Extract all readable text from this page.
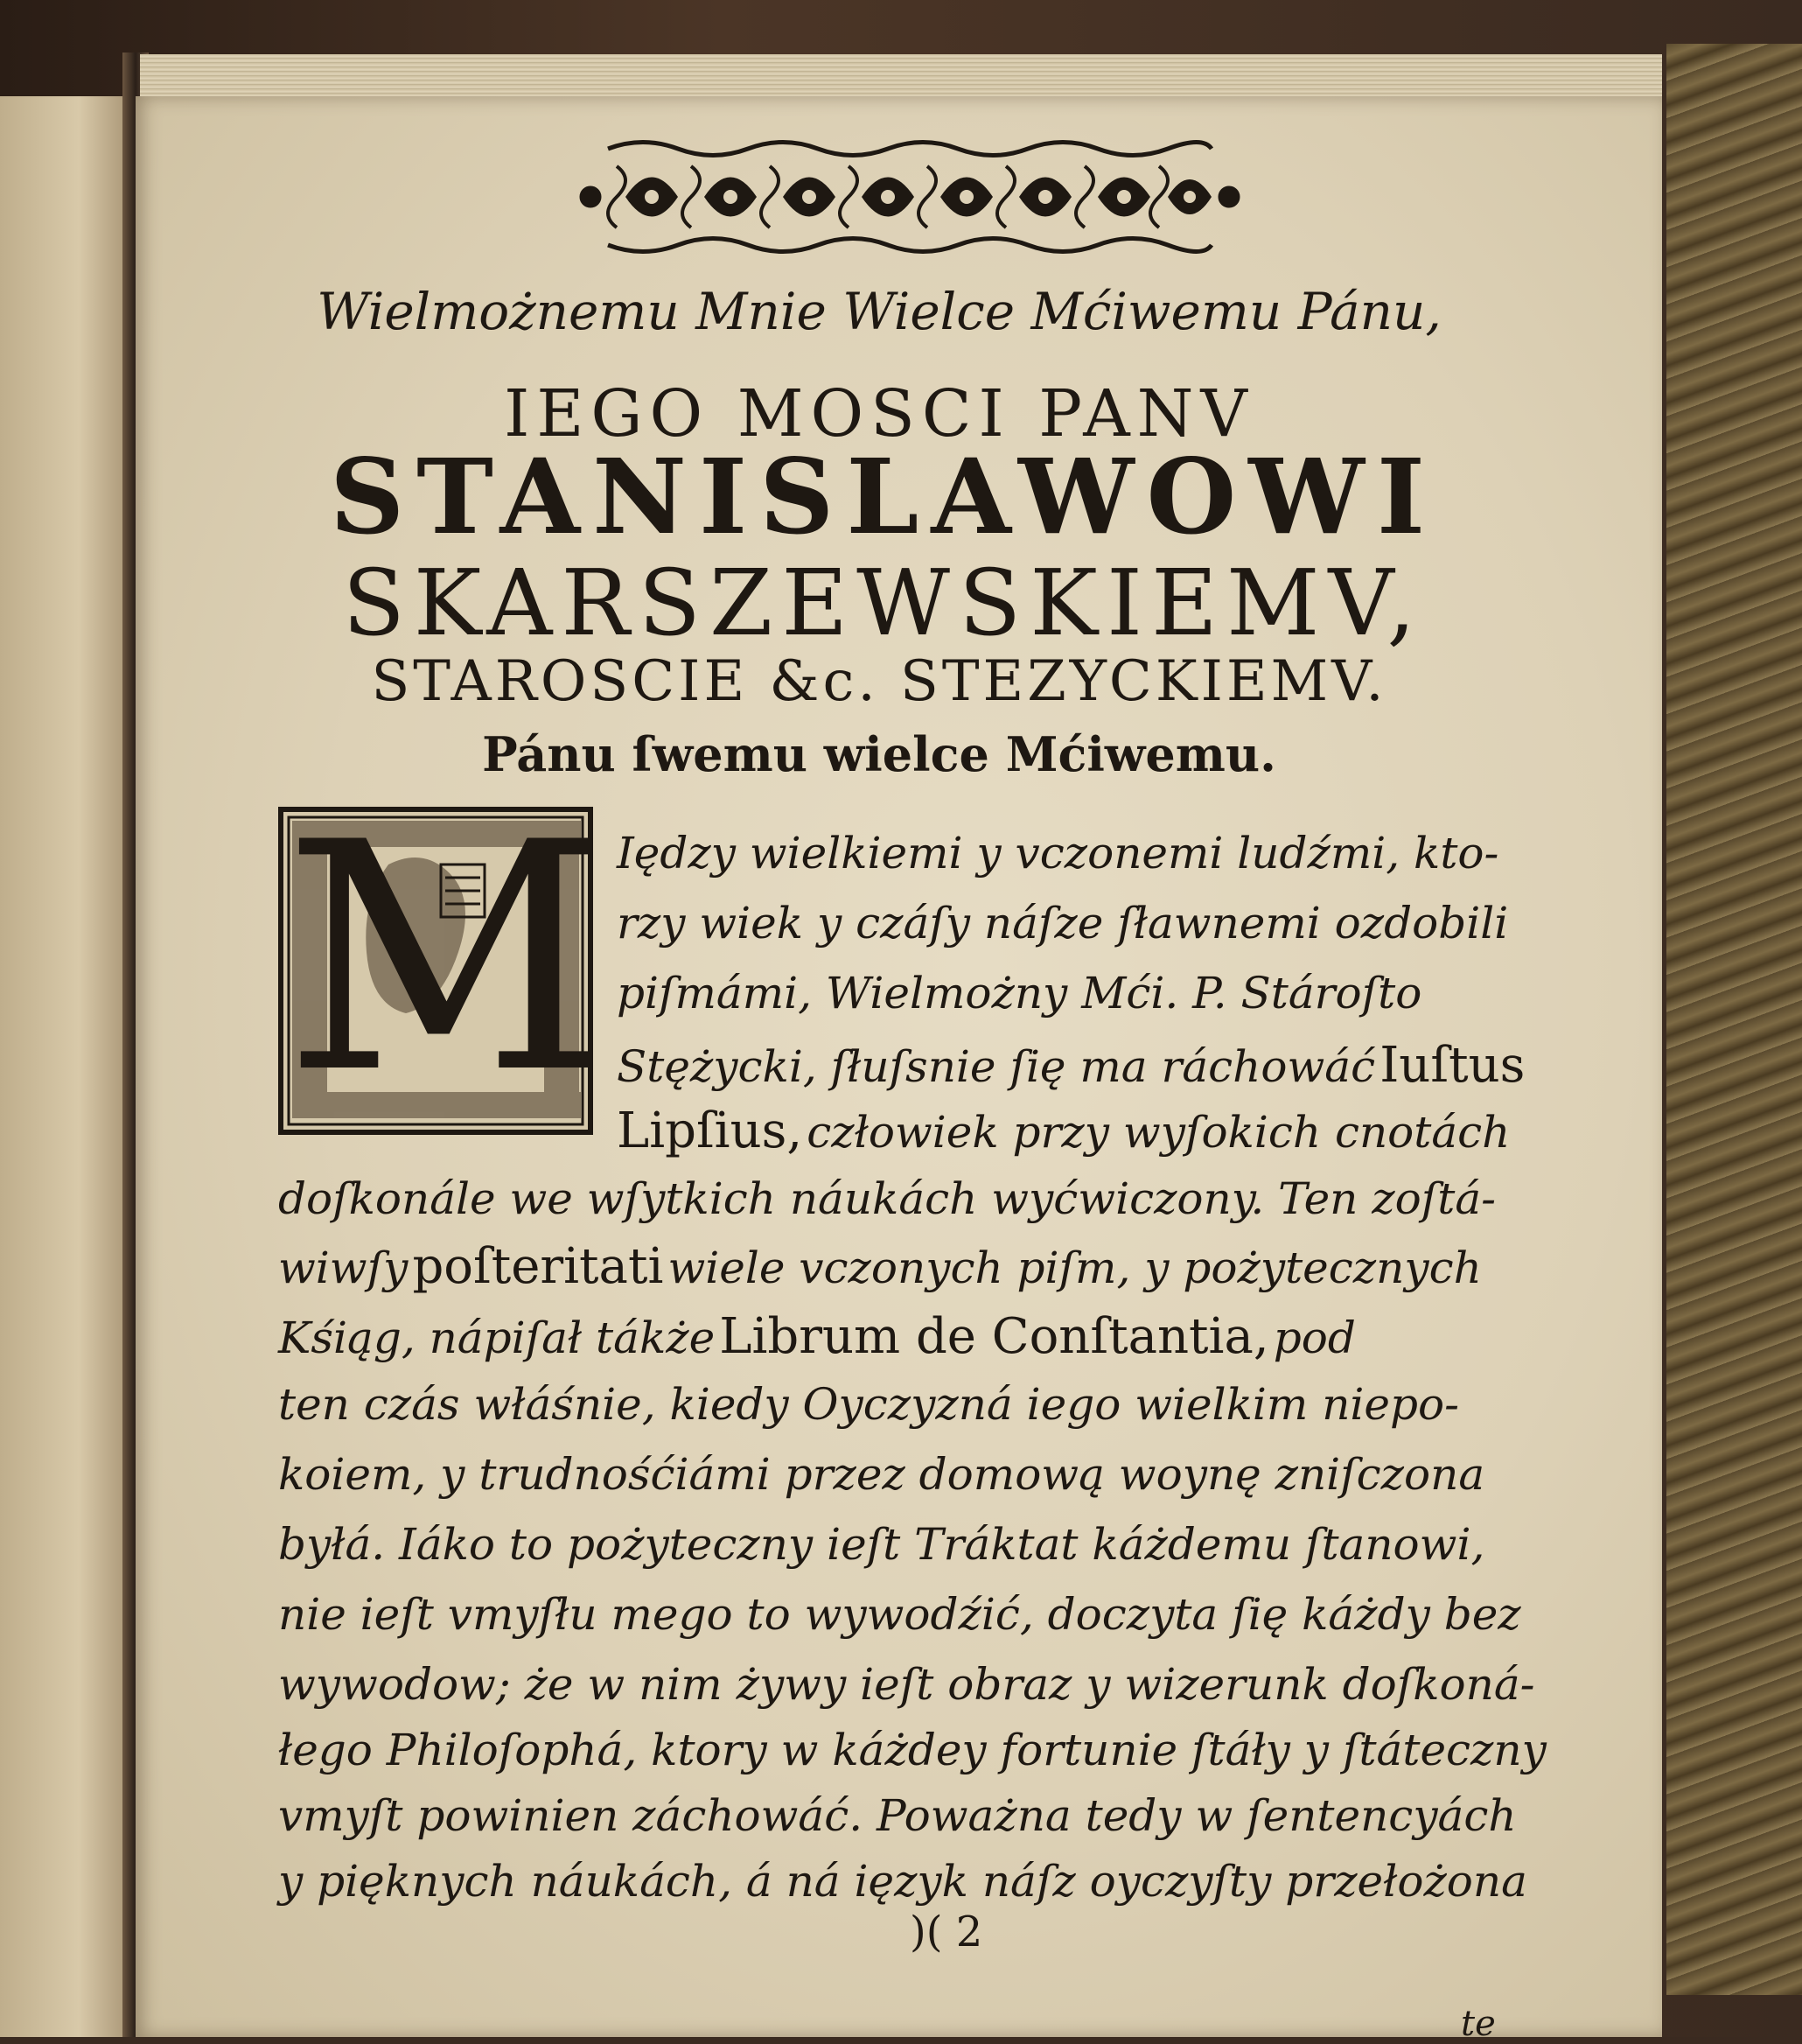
Wielmożnemu Mnie Wielce Mćiwemu Pánu,
IEGO MOSCI PANV
STANISLAWOWI
SKARSZEWSKIEMV,
STAROSCIE &c. STEZYCKIEMV.
Pánu ſwemu wielce Mćiwemu.
M Iędzy wielkiemi y vczonemi ludźmi, kto-
rzy wiek y czáſy náſze ſławnemi ozdobili
piſmámi, Wielmożny Mći. P. Stároſto
Stężycki, ſłuſsnie ſię ma ráchowáć Iuſtus
Lipſius, człowiek przy wyſokich cnotách
doſkonále we wſytkich náukách wyćwiczony. Ten zoſtá-
wiwſy poſteritati wiele vczonych piſm, y pożytecznych
Kśiąg, nápiſał tákże Librum de Conſtantia, pod
ten czás włáśnie, kiedy Oyczyzná iego wielkim niepo-
koiem, y trudnośćiámi przez domową woynę zniſczona
byłá. Iáko to pożyteczny ieſt Tráktat káżdemu ſtanowi,
nie ieſt vmyſłu mego to wywodźić, doczyta ſię káżdy bez
wywodow; że w nim żywy ieſt obraz y wizerunk doſkoná-
łego Philoſophá, ktory w káżdey fortunie ſtáły y ſtáteczny
vmyſt powinien záchowáć. Poważna tedy w ſentencyách
y pięknych náukách, á ná ięzyk náſz oyczyſty przełożona
)( 2
te
